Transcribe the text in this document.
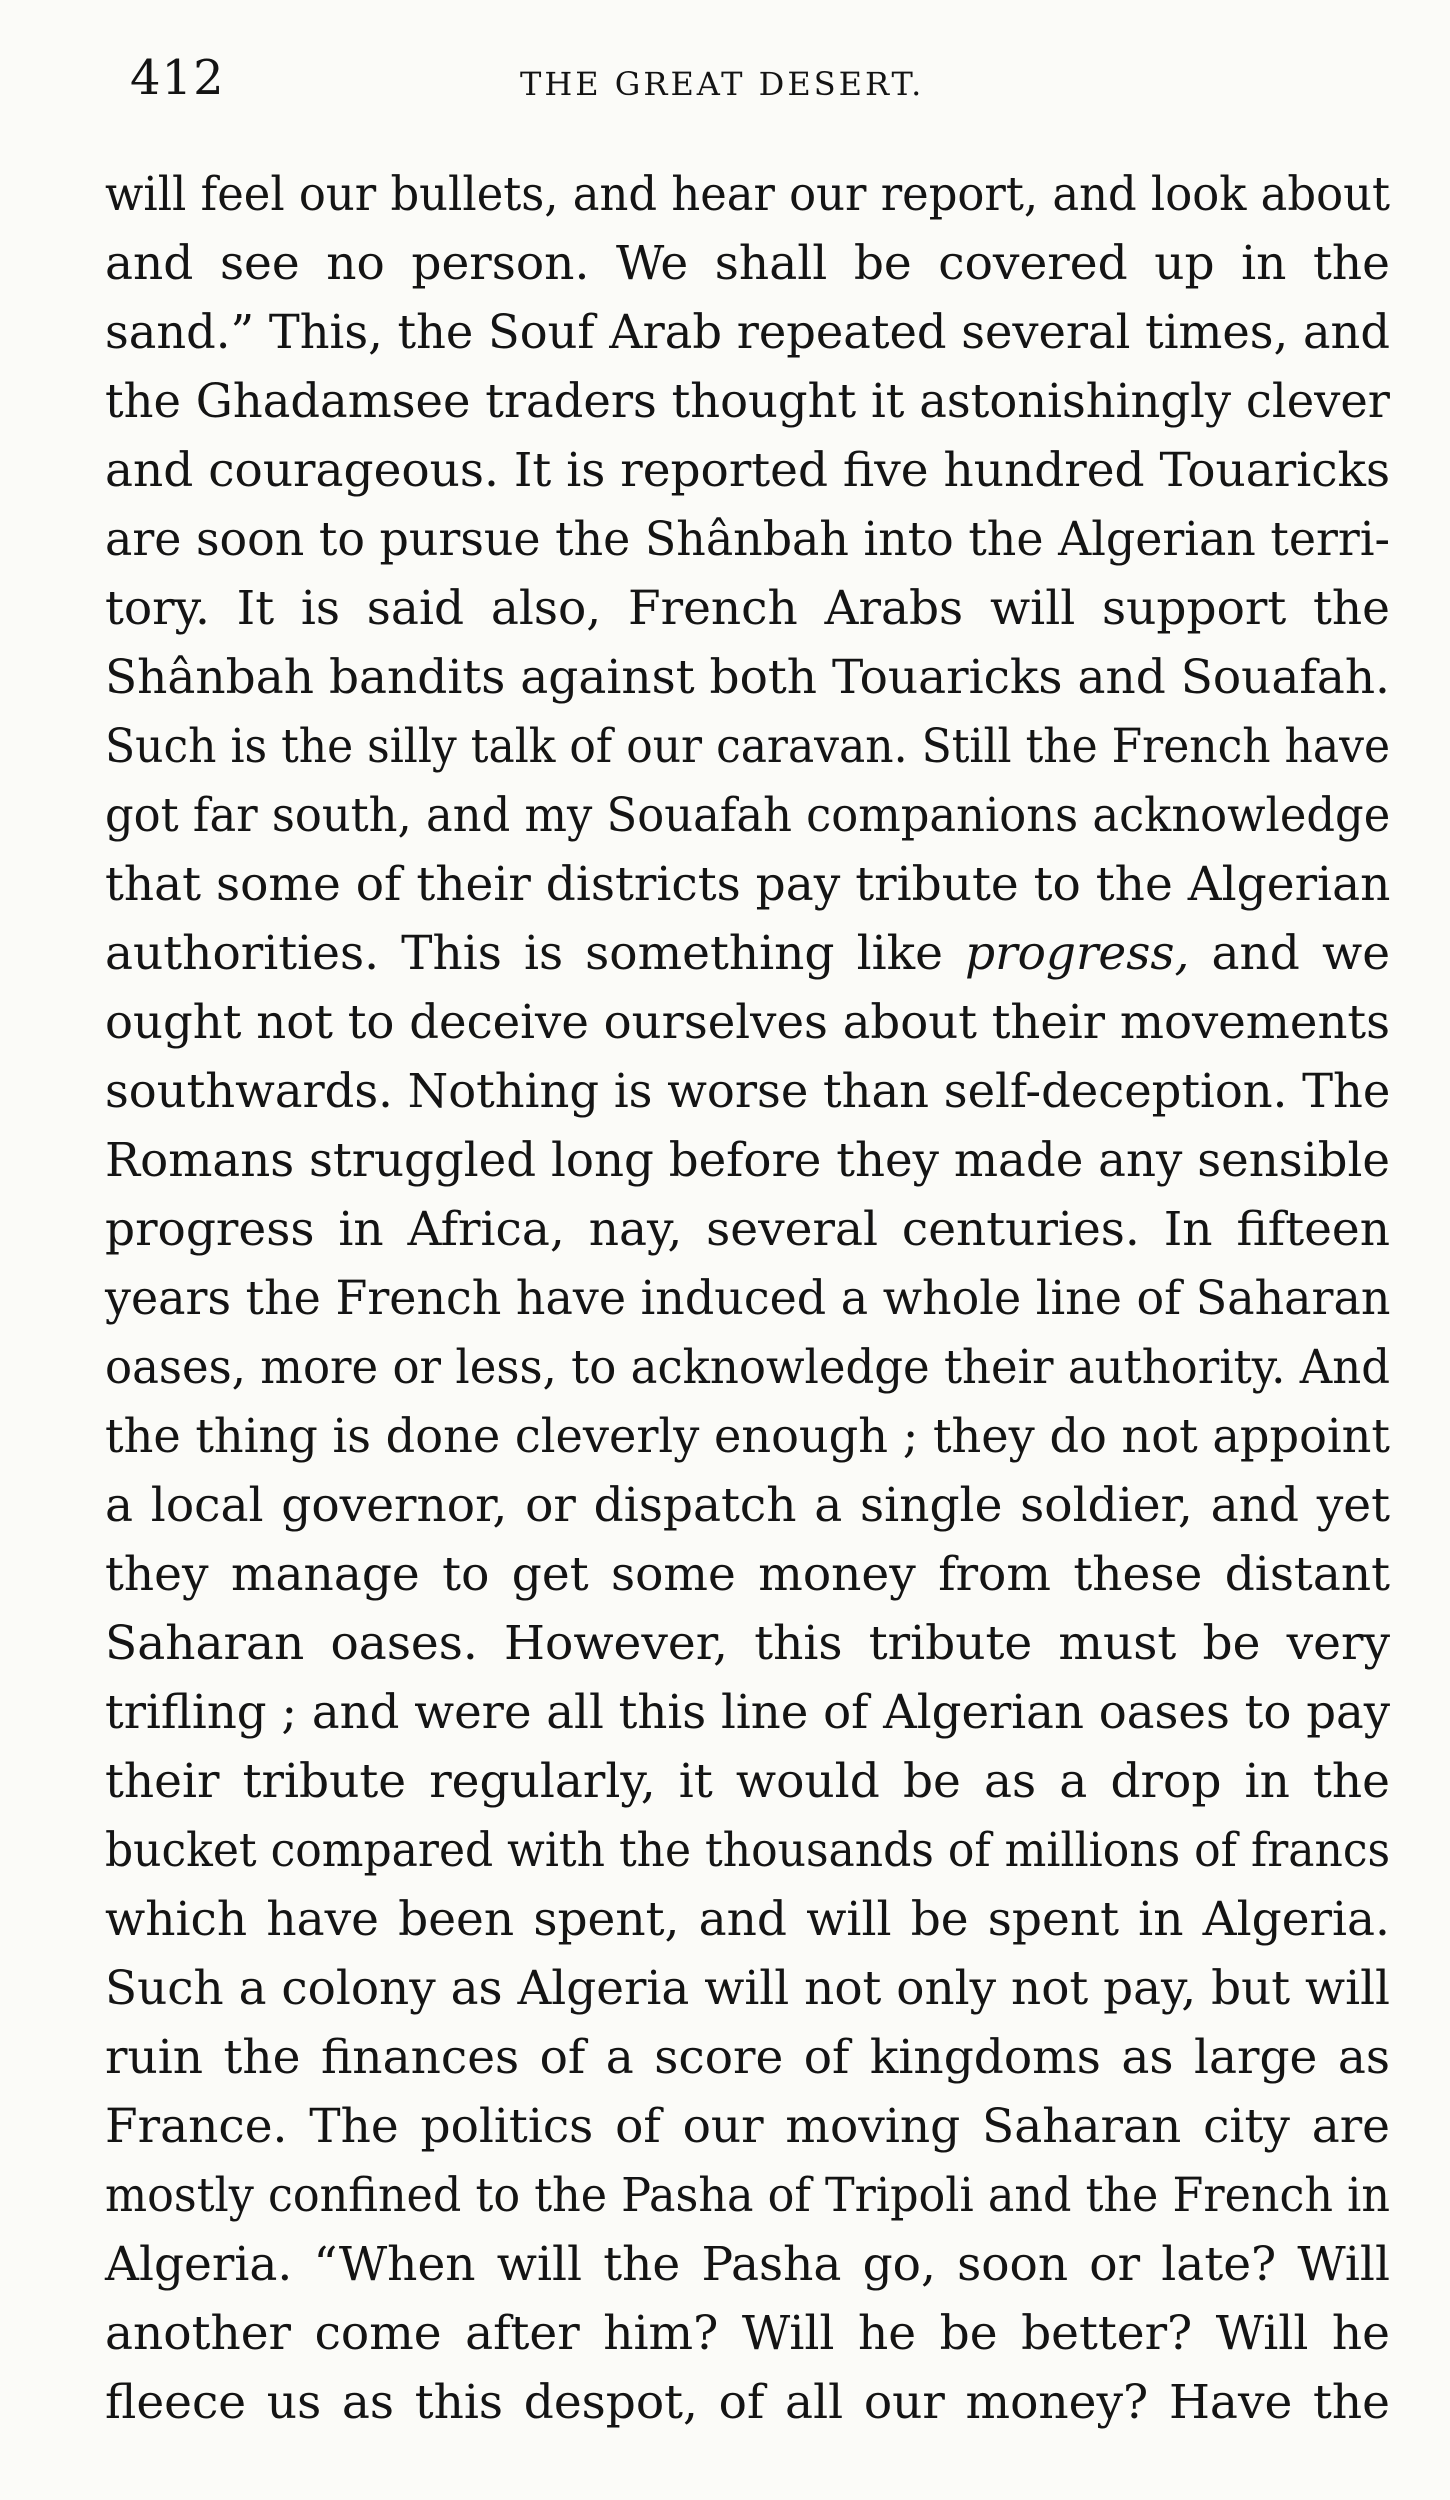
412	THE GREAT DESERT.
will feel our bullets, and hear our report, and look about
and see no person. We shall be covered up in the
sand.” This, the Souf Arab repeated several times, and
the Ghadamsee traders thought it astonishingly clever
and courageous. It is reported five hundred Touaricks
are soon to pursue the Shânbah into the Algerian terri-
tory. It is said also, French Arabs will support the
Shânbah bandits against both Touaricks and Souafah.
Such is the silly talk of our caravan. Still the French have
got far south, and my Souafah companions acknowledge
that some of their districts pay tribute to the Algerian
authorities. This is something like progress, and we
ought not to deceive ourselves about their movements
southwards. Nothing is worse than self-deception. The
Romans struggled long before they made any sensible
progress in Africa, nay, several centuries. In fifteen
years the French have induced a whole line of Saharan
oases, more or less, to acknowledge their authority. And
the thing is done cleverly enough ; they do not appoint
a local governor, or dispatch a single soldier, and yet
they manage to get some money from these distant
Saharan oases. However, this tribute must be very
trifling ; and were all this line of Algerian oases to pay
their tribute regularly, it would be as a drop in the
bucket compared with the thousands of millions of francs
which have been spent, and will be spent in Algeria.
Such a colony as Algeria will not only not pay, but will
ruin the finances of a score of kingdoms as large as
France. The politics of our moving Saharan city are
mostly confined to the Pasha of Tripoli and the French in
Algeria. “When will the Pasha go, soon or late? Will
another come after him? Will he be better? Will he
fleece us as this despot, of all our money? Have the
